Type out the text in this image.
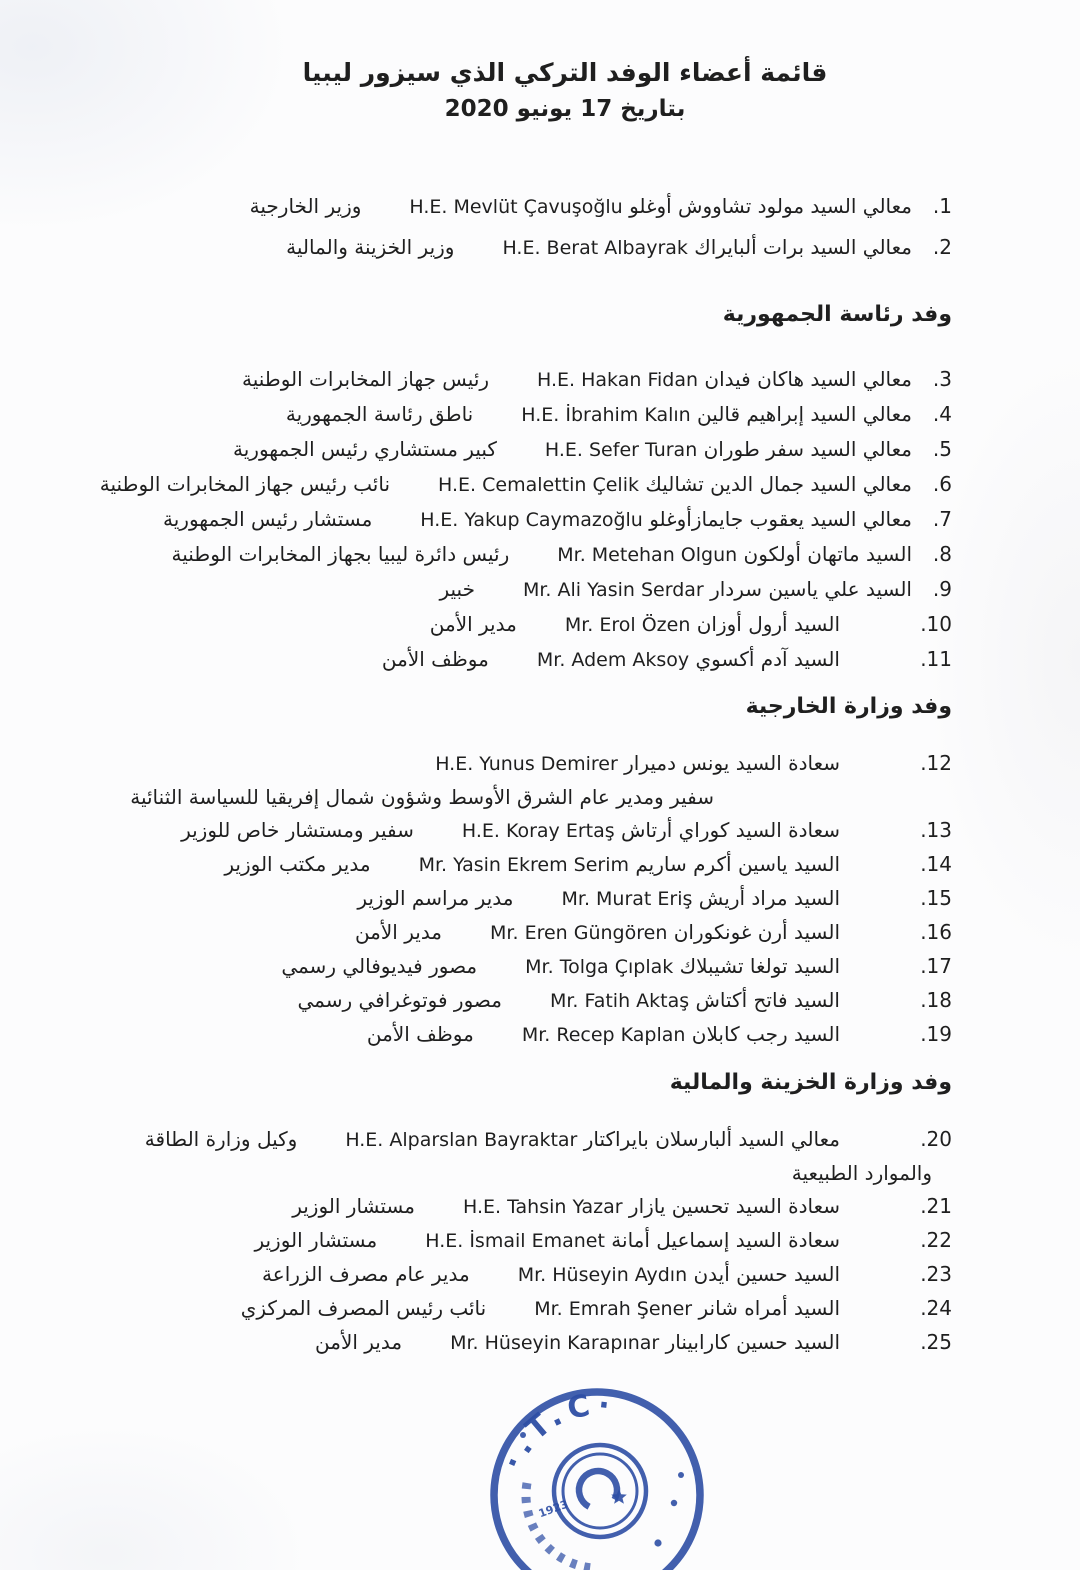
قائمة أعضاء الوفد التركي الذي سيزور ليبيا
بتاريخ 17 يونيو 2020
1.
معالي السيد مولود تشاووش أوغلو H.E. Mevlüt Çavuşoğlu
وزير الخارجية
2.
معالي السيد برات ألبايراك H.E. Berat Albayrak
وزير الخزينة والمالية
وفد رئاسة الجمهورية
3.
معالي السيد هاكان فيدان H.E. Hakan Fidan
رئيس جهاز المخابرات الوطنية
4.
معالي السيد إبراهيم قالين H.E. İbrahim Kalın
ناطق رئاسة الجمهورية
5.
معالي السيد سفر طوران H.E. Sefer Turan
كبير مستشاري رئيس الجمهورية
6.
معالي السيد جمال الدين تشاليك H.E. Cemalettin Çelik
نائب رئيس جهاز المخابرات الوطنية
7.
معالي السيد يعقوب جايمازأوغلو H.E. Yakup Caymazoğlu
مستشار رئيس الجمهورية
8.
السيد ماتهان أولكون Mr. Metehan Olgun
رئيس دائرة ليبيا بجهاز المخابرات الوطنية
9.
السيد علي ياسين سردار Mr. Ali Yasin Serdar
خبير
10.
السيد أرول أوزان Mr. Erol Özen
مدير الأمن
11.
السيد آدم أكسوي Mr. Adem Aksoy
موظف الأمن
وفد وزارة الخارجية
12.
سعادة السيد يونس دميرار H.E. Yunus Demirer
سفير ومدير عام الشرق الأوسط وشؤون شمال إفريقيا للسياسة الثنائية
13.
سعادة السيد كوراي أرتاش H.E. Koray Ertaş
سفير ومستشار خاص للوزير
14.
السيد ياسين أكرم ساريم Mr. Yasin Ekrem Serim
مدير مكتب الوزير
15.
السيد مراد أريش Mr. Murat Eriş
مدير مراسم الوزير
16.
السيد أرن غونكوران Mr. Eren Güngören
مدير الأمن
17.
السيد تولغا تشيبلاك Mr. Tolga Çıplak
مصور فيديوفالي رسمي
18.
السيد فاتح أكتاش Mr. Fatih Aktaş
مصور فوتوغرافي رسمي
19.
السيد رجب كابلان Mr. Recep Kaplan
موظف الأمن
وفد وزارة الخزينة والمالية
20.
معالي السيد ألبارسلان بايراكتار H.E. Alparslan Bayraktar
وكيل وزارة الطاقة
والموارد الطبيعية
21.
سعادة السيد تحسين يازار H.E. Tahsin Yazar
مستشار الوزير
22.
سعادة السيد إسماعيل أمانة H.E. İsmail Emanet
مستشار الوزير
23.
السيد حسين أيدن Mr. Hüseyin Aydın
مدير عام مصرف الزراعة
24.
السيد أمراه شانر Mr. Emrah Şener
نائب رئيس المصرف المركزي
25.
السيد حسين كارابينار Mr. Hüseyin Karapınar
مدير الأمن
·T.C.·
1923
